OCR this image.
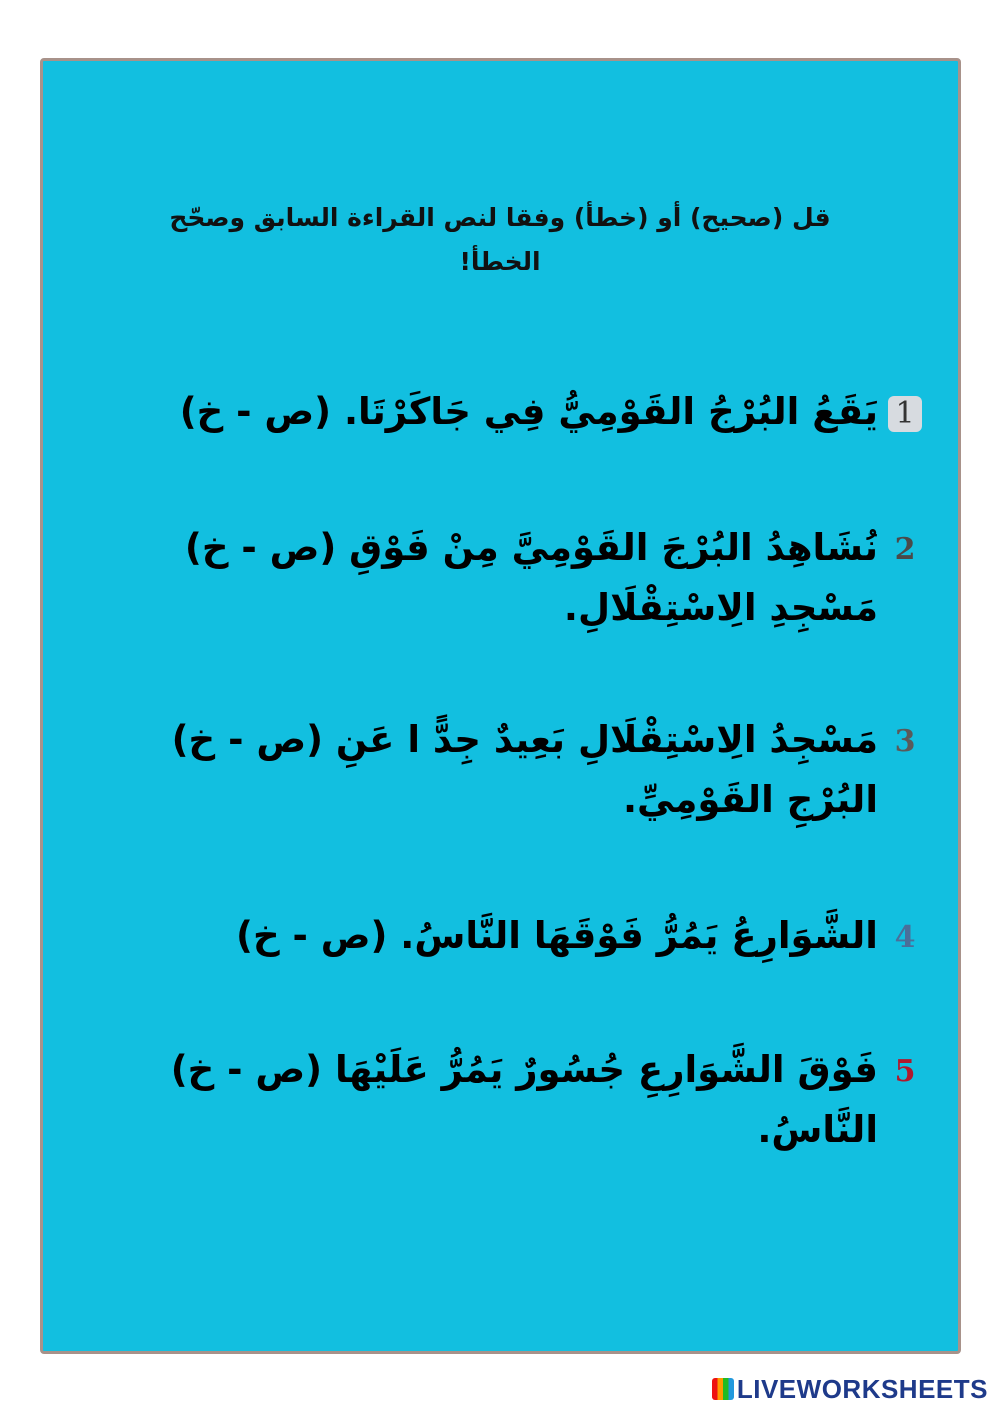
قل (صحيح) أو (خطأ) وفقا لنص القراءة السابق وصحّح
الخطأ!
1يَقَعُ البُرْجُ القَوْمِيُّ فِي جَاكَرْتَا. (ص - خ)
2نُشَاهِدُ البُرْجَ القَوْمِيَّ مِنْ فَوْقِ (ص - خ)
مَسْجِدِ الِاسْتِقْلَالِ.
3مَسْجِدُ الِاسْتِقْلَالِ بَعِيدٌ جِدًّ ا عَنِ (ص - خ)
البُرْجِ القَوْمِيِّ.
4الشَّوَارِعُ يَمُرُّ فَوْقَهَا النَّاسُ. (ص - خ)
5فَوْقَ الشَّوَارِعِ جُسُورٌ يَمُرُّ عَلَيْهَا (ص - خ)
النَّاسُ.
LIVEWORKSHEETS
